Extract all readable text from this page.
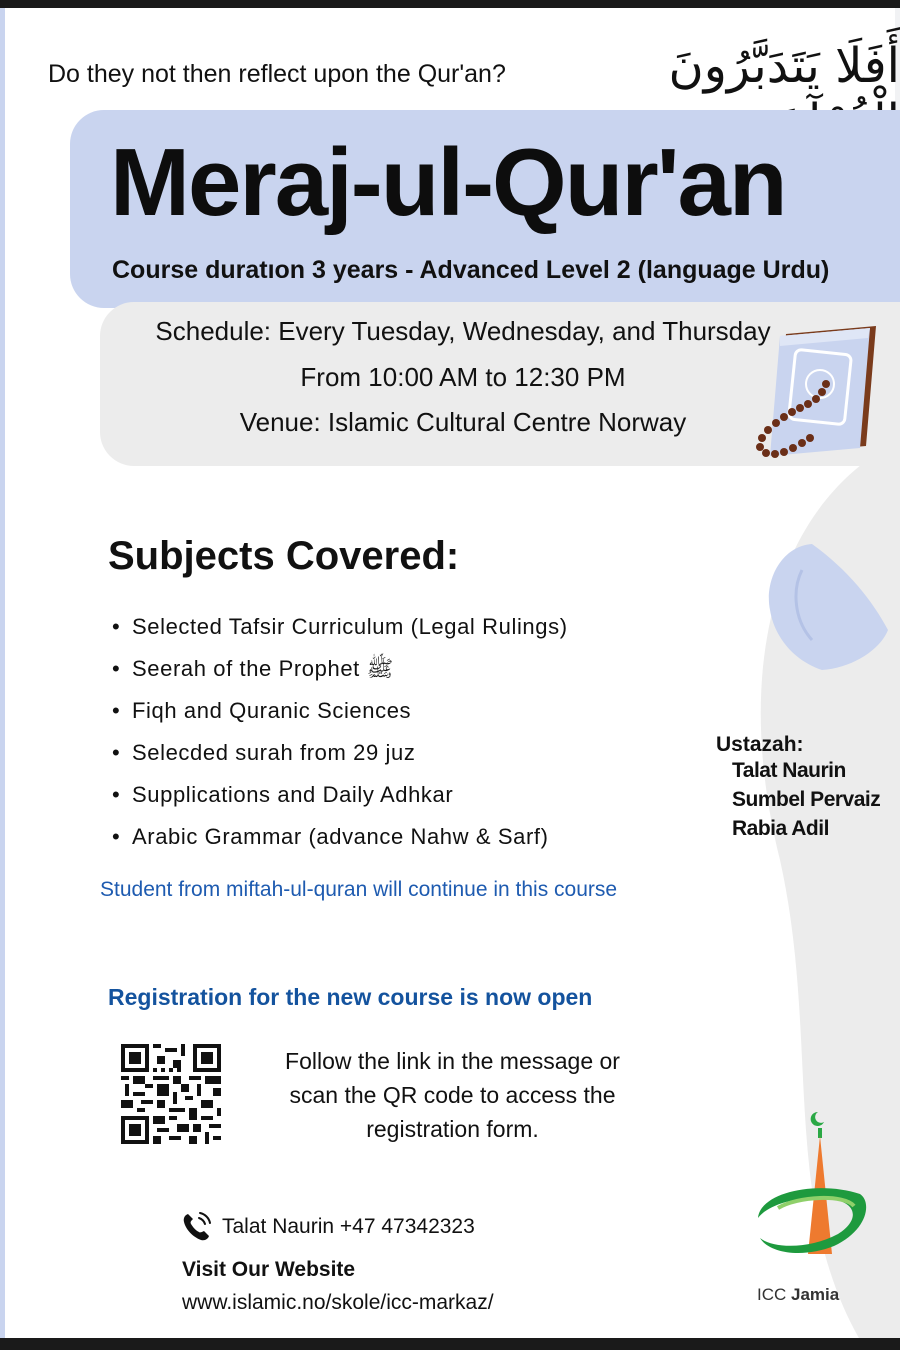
Do they not then reflect upon the Qur'an?	أَفَلَا يَتَدَبَّرُونَ
Meraj-ul-Qur'an
Course duratıon 3 years - Advanced Level 2 (language Urdu)
Schedule: Every Tuesday, Wednesday, and Thursday
From 10:00 AM to 12:30 PM
Venue: Islamic Cultural Centre Norway
Subjects Covered:
• Selected Tafsir Curriculum (Legal Rulings)
• Seerah of the Prophet ﷺ
• Fiqh and Quranic Sciences
• Selecded surah from 29 juz
• Supplications and Daily Adhkar
• Arabic Grammar (advance Nahw & Sarf)
Student from miftah-ul-quran will continue in this course
Ustazah:
Talat Naurin
Sumbel Pervaiz
Rabia Adil
Registration for the new course is now open
Follow the link in the message or scan the QR code to access the registration form.
Talat Naurin +47 47342323
Visit Our Website
www.islamic.no/skole/icc-markaz/	ICC Jamia
